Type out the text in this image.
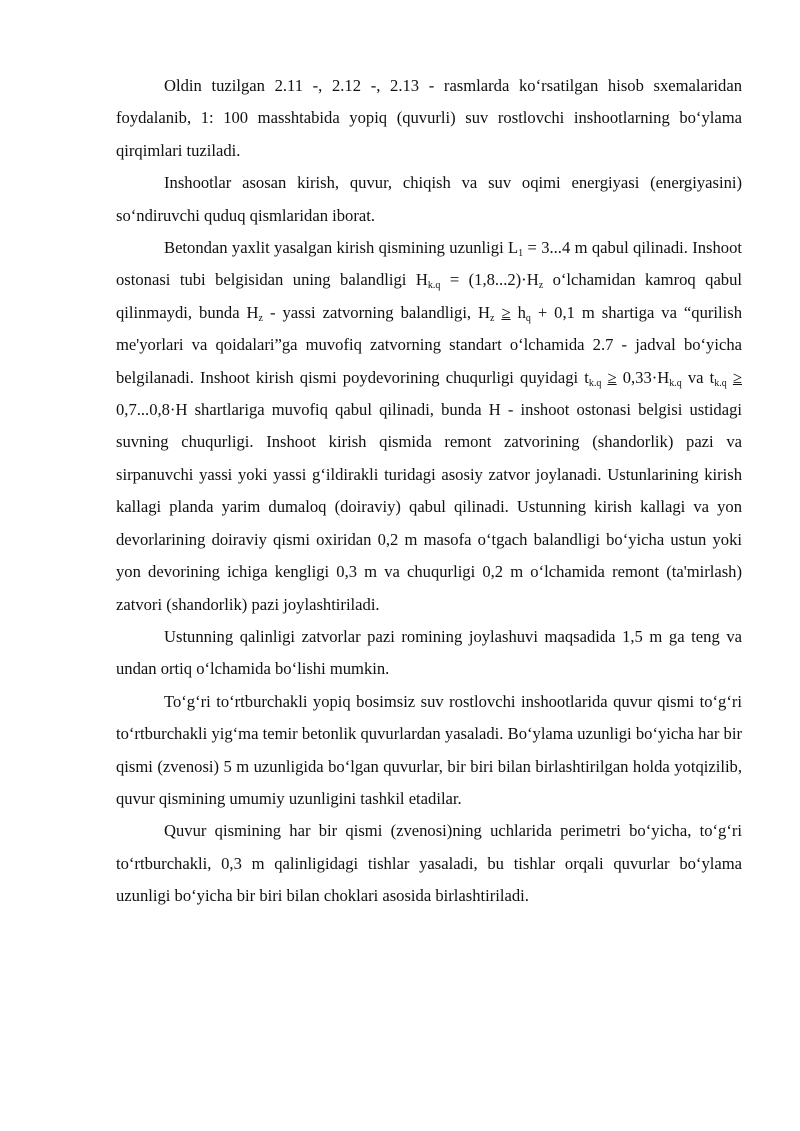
Oldin tuzilgan 2.11 -, 2.12 -, 2.13 - rasmlarda ko‘rsatilgan hisob sxemalaridan foydalanib, 1: 100 masshtabida yopiq (quvurli) suv rostlovchi inshootlarning bo‘ylama qirqimlari tuziladi.

Inshootlar asosan kirish, quvur, chiqish va suv oqimi energiyasi (energiyasini) so‘ndiruvchi quduq qismlaridan iborat.

Betondan yaxlit yasalgan kirish qismining uzunligi $L_1 = 3...4$ m qabul qilinadi. Inshoot ostonasi tubi belgisidan uning balandligi $H_{k.q} = (1,8...2)\cdot H_z$ o‘lchamidan kamroq qabul qilinmaydi, bunda $H_z$ - yassi zatvorning balandligi, $H_z \ge h_q + 0,1$ m shartiga va “qurilish me'yorlari va qoidalari”ga muvofiq zatvorning standart o‘lchamida 2.7 - jadval bo‘yicha belgilanadi. Inshoot kirish qismi poydevorining chuqurligi quyidagi $t_{k.q} \ge 0,33\cdot H_{k.q}$ va $t_{k.q} \ge 0,7...0,8\cdot H$ shartlariga muvofiq qabul qilinadi, bunda H - inshoot ostonasi belgisi ustidagi suvning chuqurligi. Inshoot kirish qismida remont zatvorining (shandorlik) pazi va sirpanuvchi yassi yoki yassi g‘ildirakli turidagi asosiy zatvor joylanadi. Ustunlarining kirish kallagi planda yarim dumaloq (doiraviy) qabul qilinadi. Ustunning kirish kallagi va yon devorlarining doiraviy qismi oxiridan 0,2 m masofa o‘tgach balandligi bo‘yicha ustun yoki yon devorining ichiga kengligi 0,3 m va chuqurligi 0,2 m o‘lchamida remont (ta'mirlash) zatvori (shandorlik) pazi joylashtiriladi.

Ustunning qalinligi zatvorlar pazi romining joylashuvi maqsadida 1,5 m ga teng va undan ortiq o‘lchamida bo‘lishi mumkin.

To‘g‘ri to‘rtburchakli yopiq bosimsiz suv rostlovchi inshootlarida quvur qismi to‘g‘ri to‘rtburchakli yig‘ma temir betonlik quvurlardan yasaladi. Bo‘ylama uzunligi bo‘yicha har bir qismi (zvenosi) 5 m uzunligida bo‘lgan quvurlar, bir biri bilan birlashtirilgan holda yotqizilib, quvur qismining umumiy uzunligini tashkil etadilar.

Quvur qismining har bir qismi (zvenosi)ning uchlarida perimetri bo‘yicha, to‘g‘ri to‘rtburchakli, 0,3 m qalinligidagi tishlar yasaladi, bu tishlar orqali quvurlar bo‘ylama uzunligi bo‘yicha bir biri bilan choklari asosida birlashtiriladi.
